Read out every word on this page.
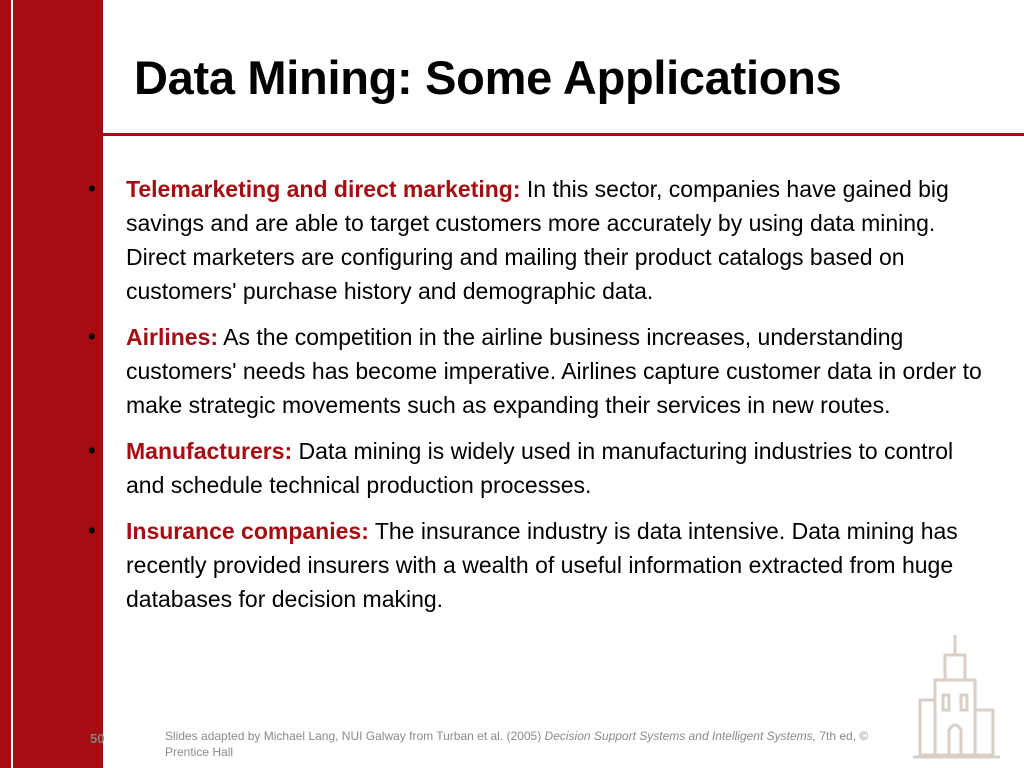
Data Mining: Some Applications
• Telemarketing and direct marketing: In this sector, companies have gained big savings and are able to target customers more accurately by using data mining. Direct marketers are configuring and mailing their product catalogs based on customers' purchase history and demographic data.
• Airlines: As the competition in the airline business increases, understanding customers' needs has become imperative. Airlines capture customer data in order to make strategic movements such as expanding their services in new routes.
• Manufacturers: Data mining is widely used in manufacturing industries to control and schedule technical production processes.
• Insurance companies: The insurance industry is data intensive. Data mining has recently provided insurers with a wealth of useful information extracted from huge databases for decision making.
50	Slides adapted by Michael Lang, NUI Galway from Turban et al. (2005) Decision Support Systems and Intelligent Systems, 7th ed, © Prentice Hall
